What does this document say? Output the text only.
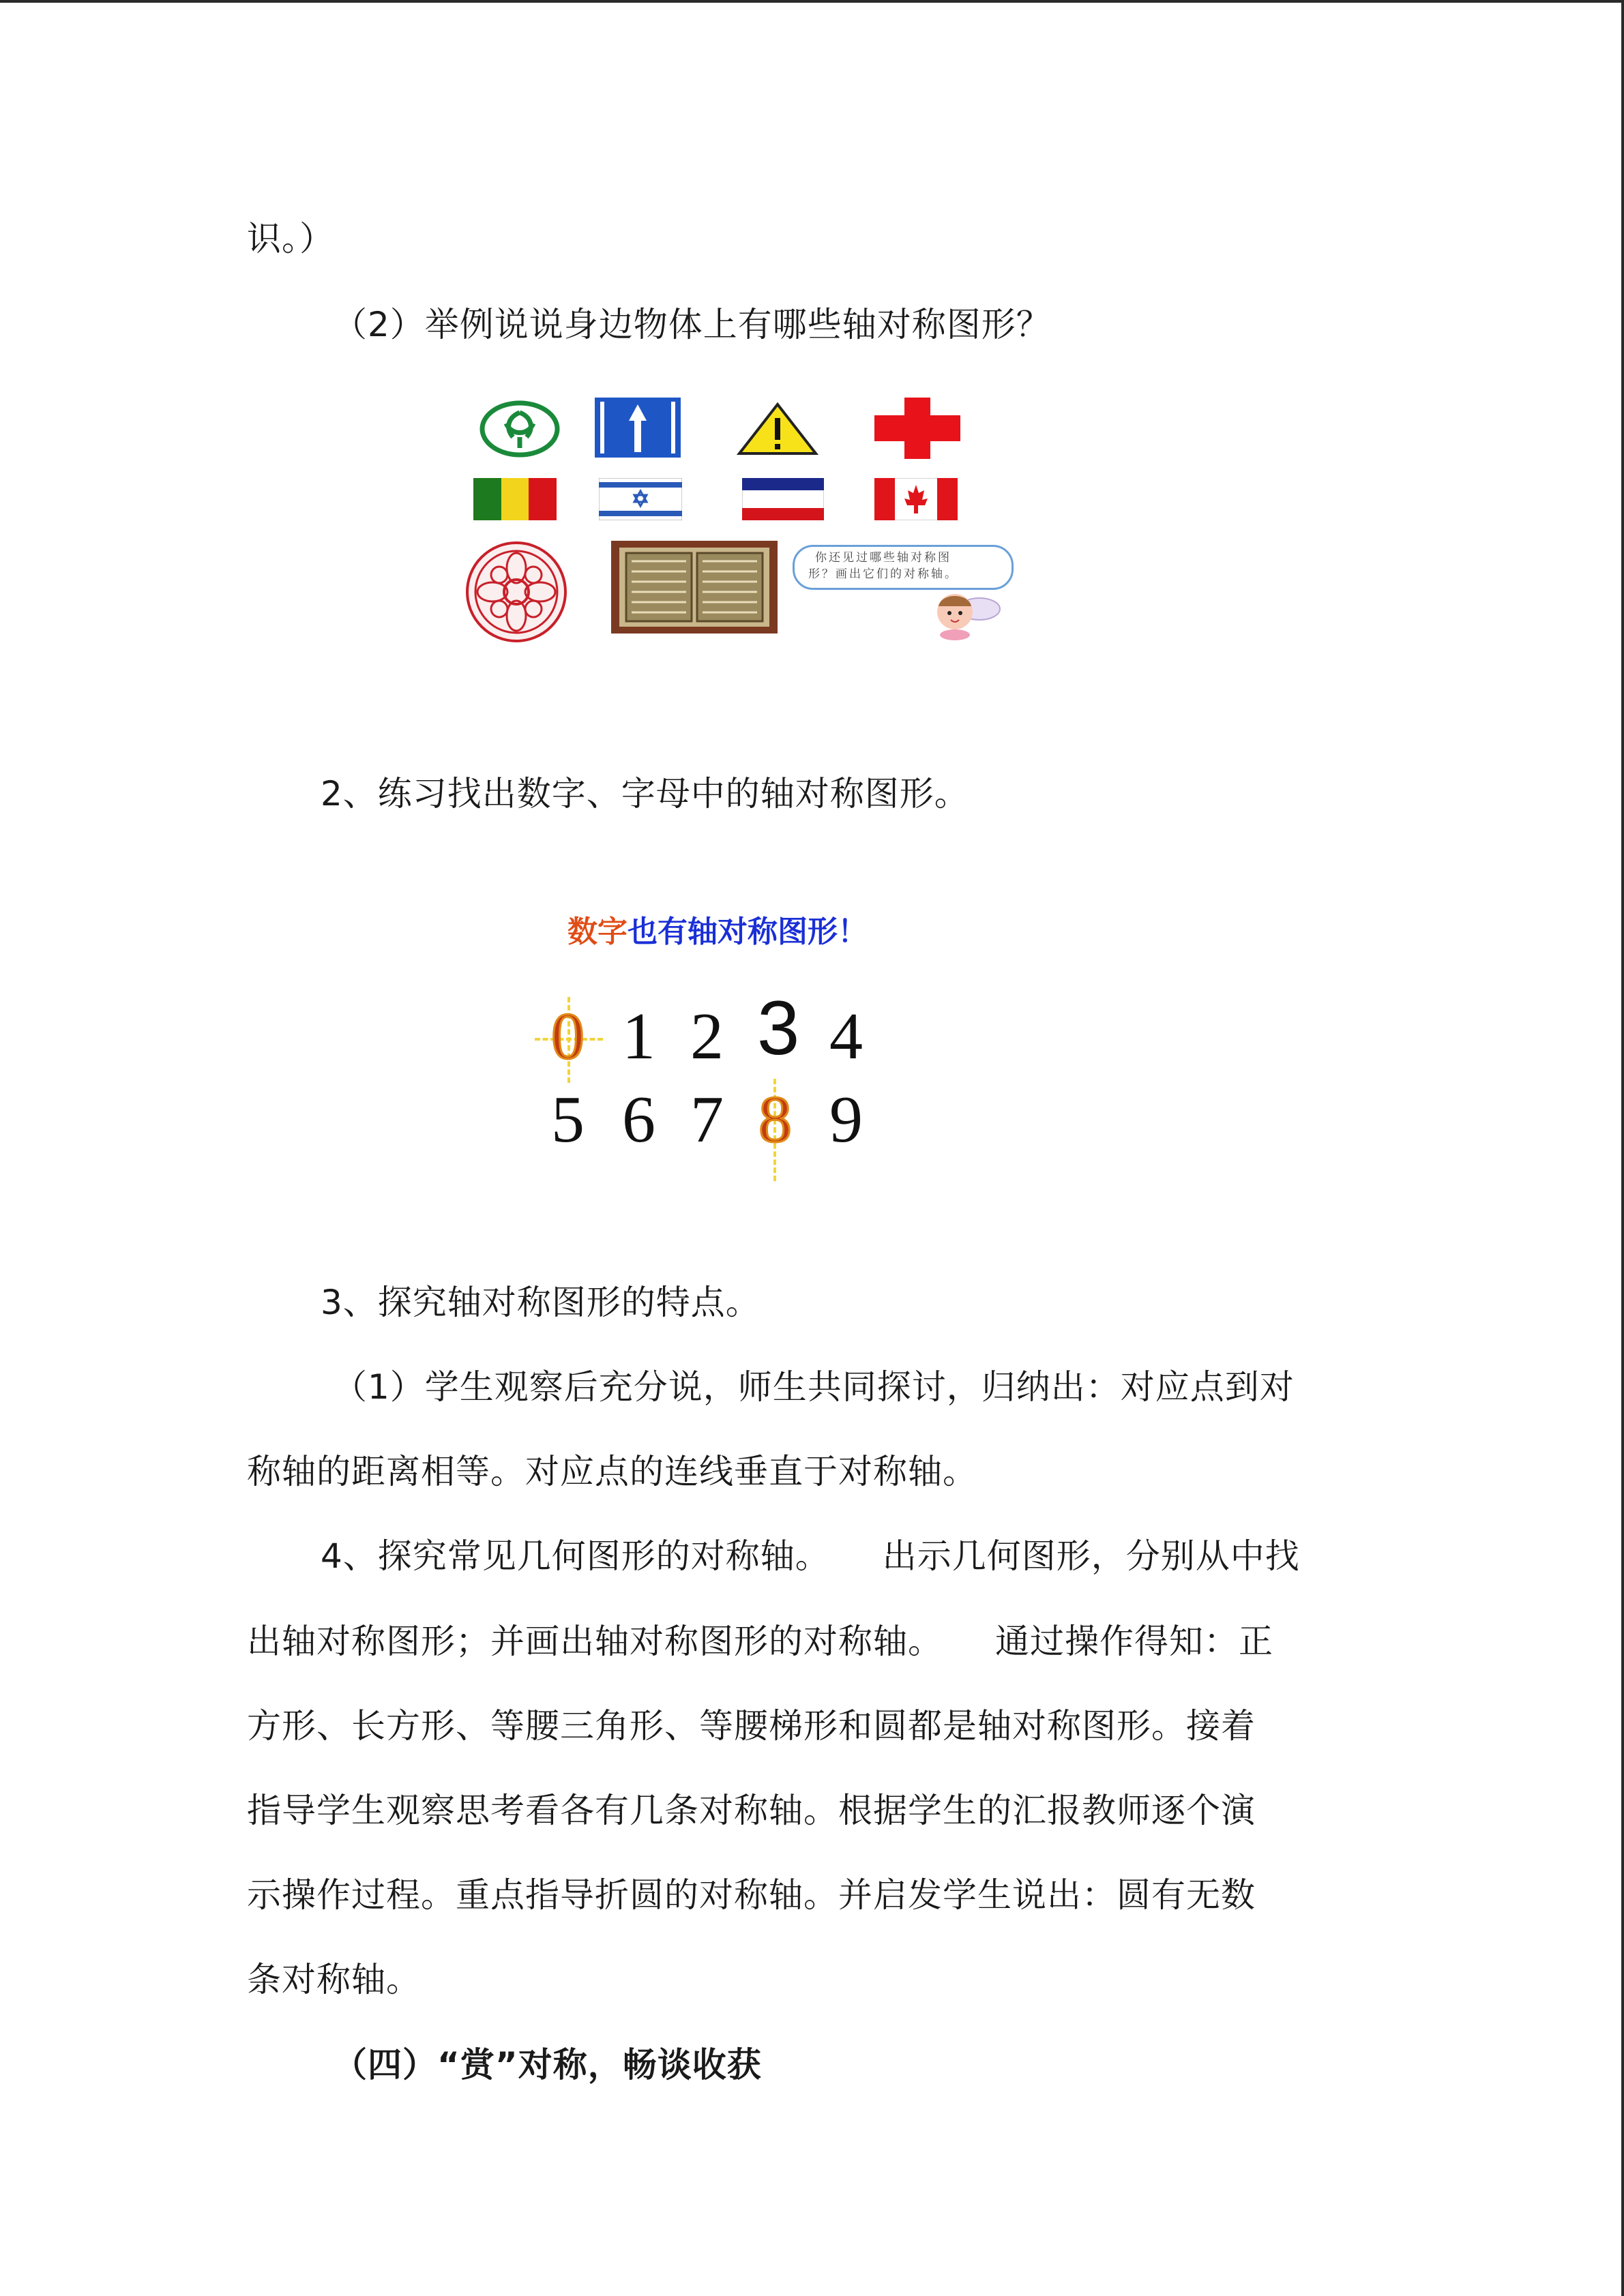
识。）
（2）举例说说身边物体上有哪些轴对称图形？
你还见过哪些轴对称图
形？画出它们的对称轴。
2、练习找出数字、字母中的轴对称图形。
数字也有轴对称图形！
0 1 2 3 4
5 6 7 8 9
3、探究轴对称图形的特点。
（1）学生观察后充分说，师生共同探讨，归纳出：对应点到对
称轴的距离相等。对应点的连线垂直于对称轴。
4、探究常见几何图形的对称轴。　　出示几何图形，分别从中找
出轴对称图形；并画出轴对称图形的对称轴。　　通过操作得知：正
方形、长方形、等腰三角形、等腰梯形和圆都是轴对称图形。接着
指导学生观察思考看各有几条对称轴。根据学生的汇报教师逐个演
示操作过程。重点指导折圆的对称轴。并启发学生说出：圆有无数
条对称轴。
（四）“赏”对称，畅谈收获
